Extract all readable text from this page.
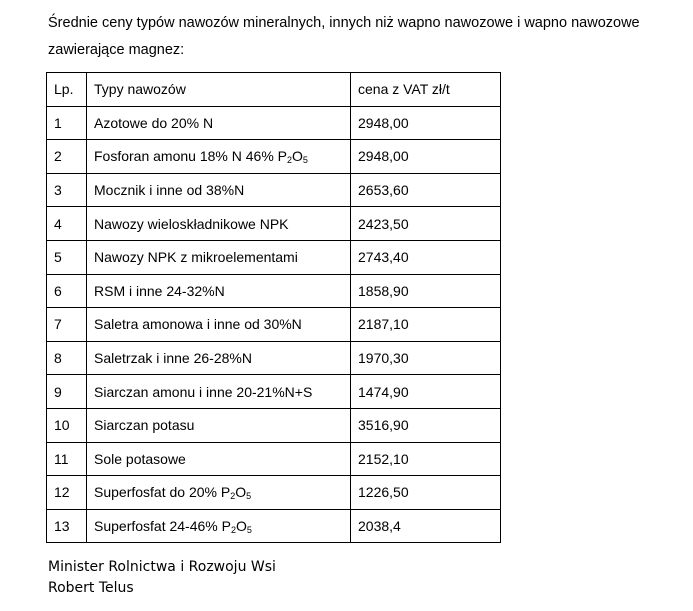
Średnie ceny typów nawozów mineralnych, innych niż wapno nawozowe i wapno nawozowe zawierające magnez:

Lp.	Typy nawozów	cena z VAT zł/t
1	Azotowe do 20% N	2948,00
2	Fosforan amonu 18% N 46% $P_2O_5$	2948,00
3	Mocznik i inne od 38%N	2653,60
4	Nawozy wieloskładnikowe NPK	2423,50
5	Nawozy NPK z mikroelementami	2743,40
6	RSM i inne 24-32%N	1858,90
7	Saletra amonowa i inne od 30%N	2187,10
8	Saletrzak i inne 26-28%N	1970,30
9	Siarczan amonu i inne 20-21%N+S	1474,90
10	Siarczan potasu	3516,90
11	Sole potasowe	2152,10
12	Superfosfat do 20% $P_2O_5$	1226,50
13	Superfosfat 24-46% $P_2O_5$	2038,4
Minister Rolnictwa i Rozwoju Wsi
Robert Telus
